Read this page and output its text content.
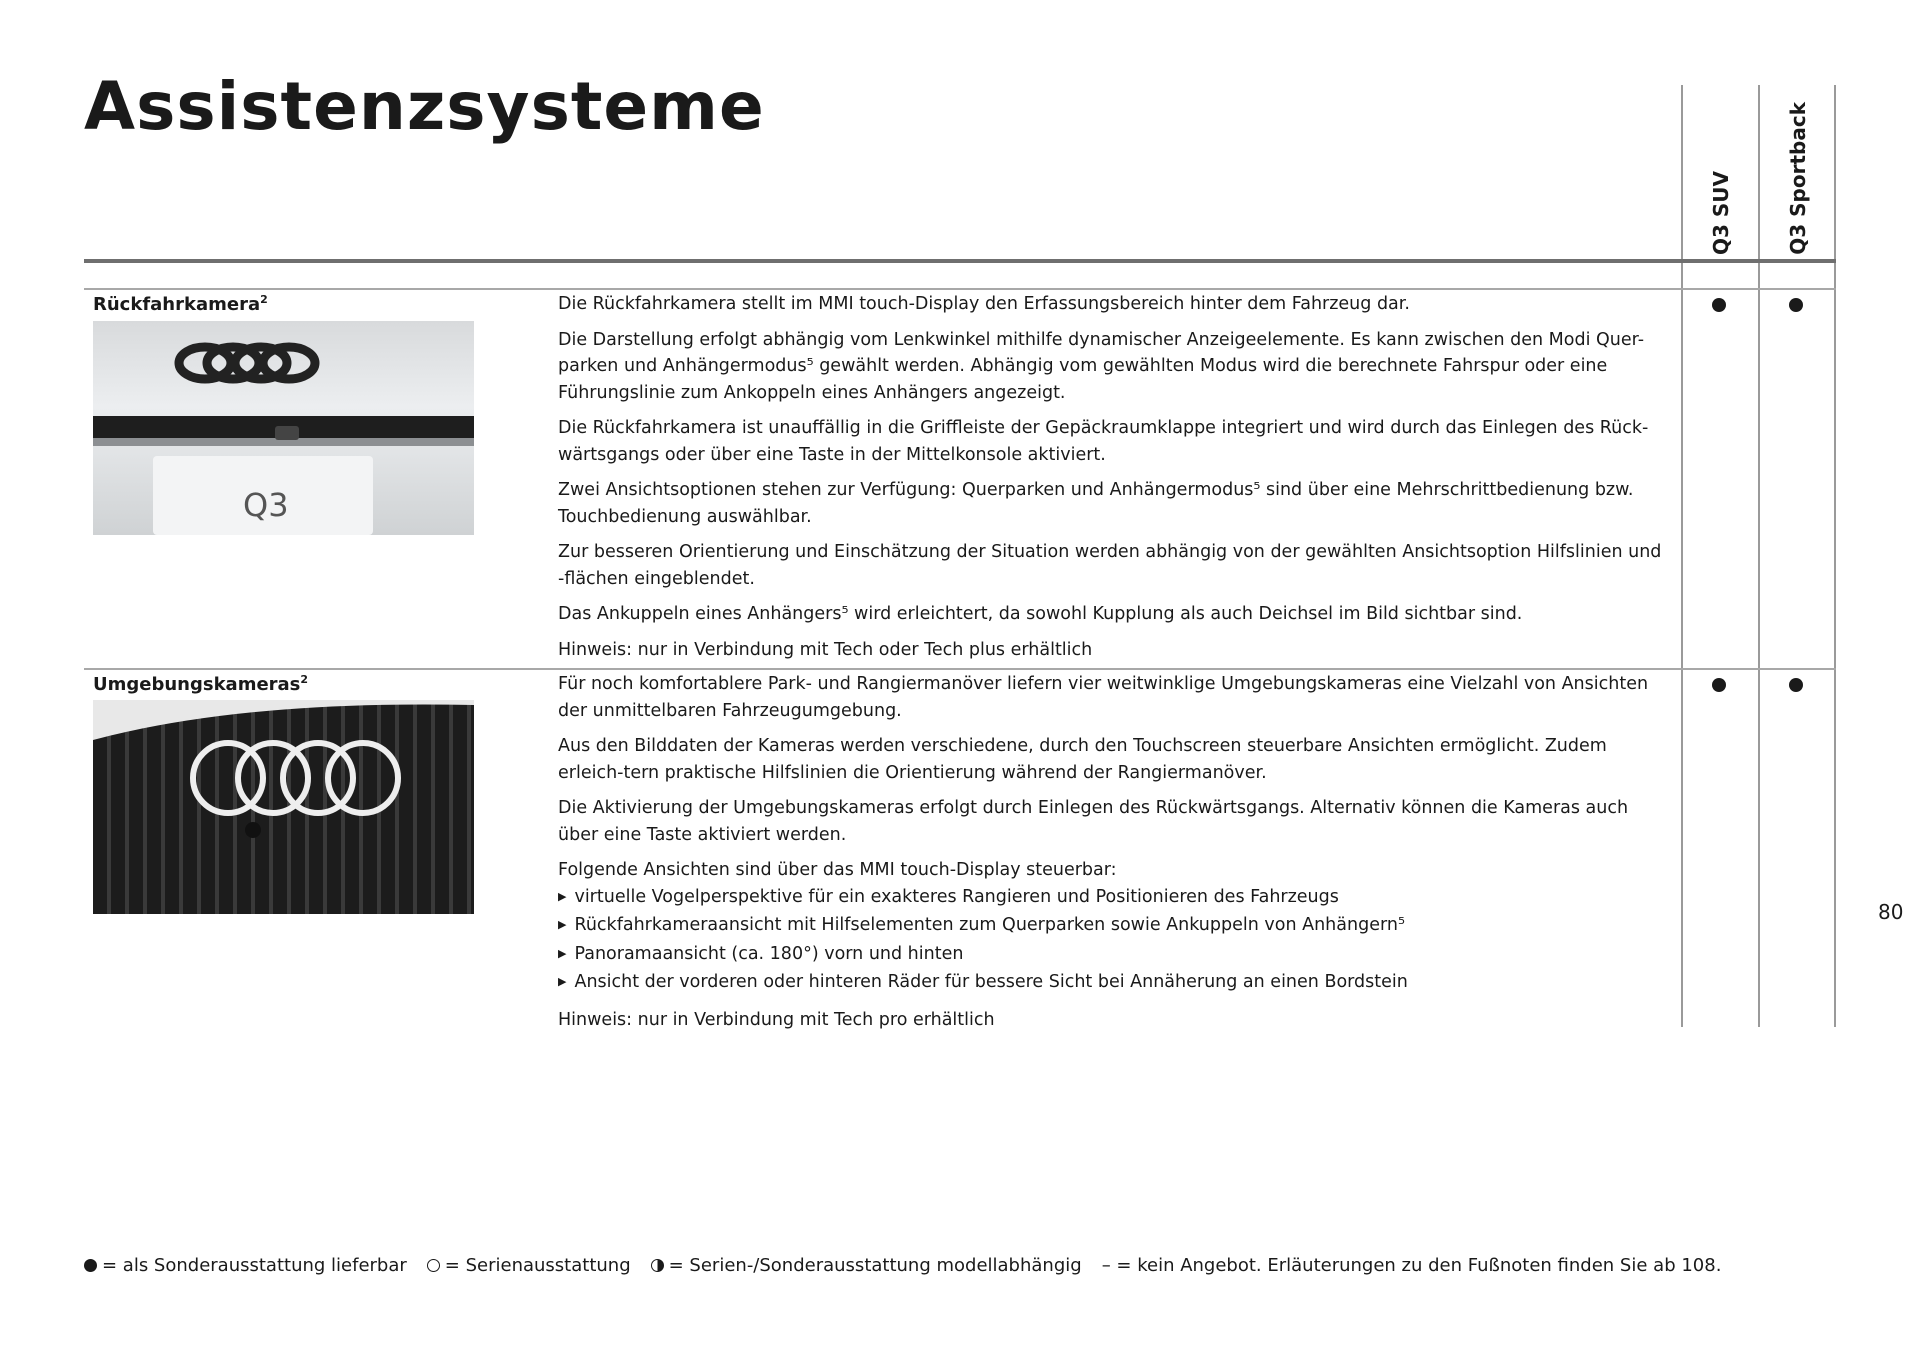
Assistenzsysteme
Q3 SUV	Q3 Sportback
Rückfahrkamera$^2$
Q3

Die Rückfahrkamera stellt im MMI touch-Display den Erfassungsbereich hinter dem Fahrzeug dar.

Die Darstellung erfolgt abhängig vom Lenkwinkel mithilfe dynamischer Anzeigeelemente. Es kann zwischen den Modi Quer-parken und Anhängermodus⁵ gewählt werden. Abhängig vom gewählten Modus wird die berechnete Fahrspur oder eine Führungslinie zum Ankoppeln eines Anhängers angezeigt.

Die Rückfahrkamera ist unauffällig in die Griffleiste der Gepäckraumklappe integriert und wird durch das Einlegen des Rück-wärtsgangs oder über eine Taste in der Mittelkonsole aktiviert.

Zwei Ansichtsoptionen stehen zur Verfügung: Querparken und Anhängermodus⁵ sind über eine Mehrschrittbedienung bzw. Touchbedienung auswählbar.

Zur besseren Orientierung und Einschätzung der Situation werden abhängig von der gewählten Ansichtsoption Hilfslinien und -flächen eingeblendet.

Das Ankuppeln eines Anhängers⁵ wird erleichtert, da sowohl Kupplung als auch Deichsel im Bild sichtbar sind.

Hinweis: nur in Verbindung mit Tech oder Tech plus erhältlich

Umgebungskameras$^2$	Für noch komfortablere Park- und Rangiermanöver liefern vier weitwinklige Umgebungskameras eine Vielzahl von Ansichten der unmittelbaren Fahrzeugumgebung.

Aus den Bilddaten der Kameras werden verschiedene, durch den Touchscreen steuerbare Ansichten ermöglicht. Zudem erleich-tern praktische Hilfslinien die Orientierung während der Rangiermanöver.

Die Aktivierung der Umgebungskameras erfolgt durch Einlegen des Rückwärtsgangs. Alternativ können die Kameras auch über eine Taste aktiviert werden.

Folgende Ansichten sind über das MMI touch-Display steuerbar:

▶ virtuelle Vogelperspektive für ein exakteres Rangieren und Positionieren des Fahrzeugs
▶ Rückfahrkameraansicht mit Hilfselementen zum Querparken sowie Ankuppeln von Anhängern⁵
▶ Panoramaansicht (ca. 180°) vorn und hinten
▶ Ansicht der vorderen oder hinteren Räder für bessere Sicht bei Annäherung an einen Bordstein

Hinweis: nur in Verbindung mit Tech pro erhältlich

80
= als Sonderausstattung lieferbar = Serienausstattung = Serien-/Sonderausstattung modellabhängig – = kein Angebot. Erläuterungen zu den Fußnoten finden Sie ab 108.
